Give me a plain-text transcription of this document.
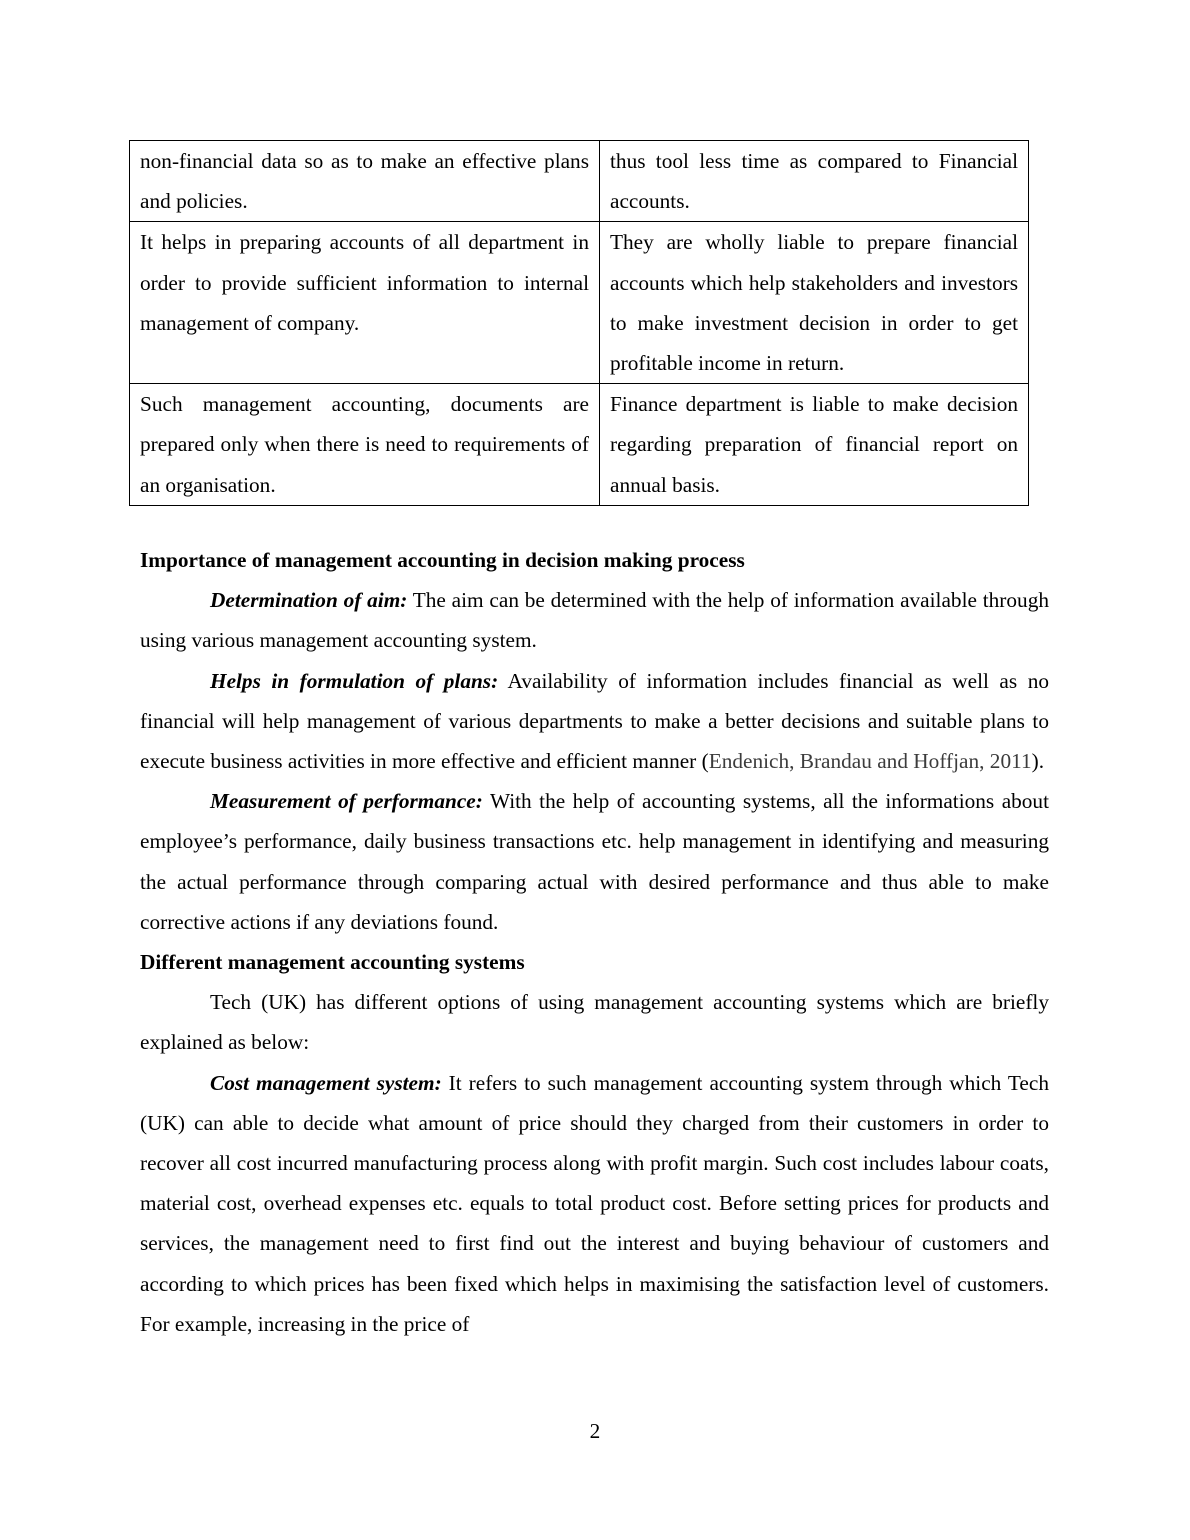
non-financial data so as to make an effective plans and policies.	thus tool less time as compared to Financial accounts.
It helps in preparing accounts of all department in order to provide sufficient information to internal management of company.	They are wholly liable to prepare financial accounts which help stakeholders and investors to make investment decision in order to get profitable income in return.
Such management accounting, documents are prepared only when there is need to requirements of an organisation.	Finance department is liable to make decision regarding preparation of financial report on annual basis.
Importance of management accounting in decision making process

Determination of aim: The aim can be determined with the help of information available through using various management accounting system.

Helps in formulation of plans: Availability of information includes financial as well as no financial will help management of various departments to make a better decisions and suitable plans to execute business activities in more effective and efficient manner (Endenich, Brandau and Hoffjan, 2011).

Measurement of performance: With the help of accounting systems, all the informations about employee’s performance, daily business transactions etc. help management in identifying and measuring the actual performance through comparing actual with desired performance and thus able to make corrective actions if any deviations found.

Different management accounting systems

Tech (UK) has different options of using management accounting systems which are briefly explained as below:

Cost management system: It refers to such management accounting system through which Tech (UK) can able to decide what amount of price should they charged from their customers in order to recover all cost incurred manufacturing process along with profit margin. Such cost includes labour coats, material cost, overhead expenses etc. equals to total product cost. Before setting prices for products and services, the management need to first find out the interest and buying behaviour of customers and according to which prices has been fixed which helps in maximising the satisfaction level of customers. For example, increasing in the price of

2
